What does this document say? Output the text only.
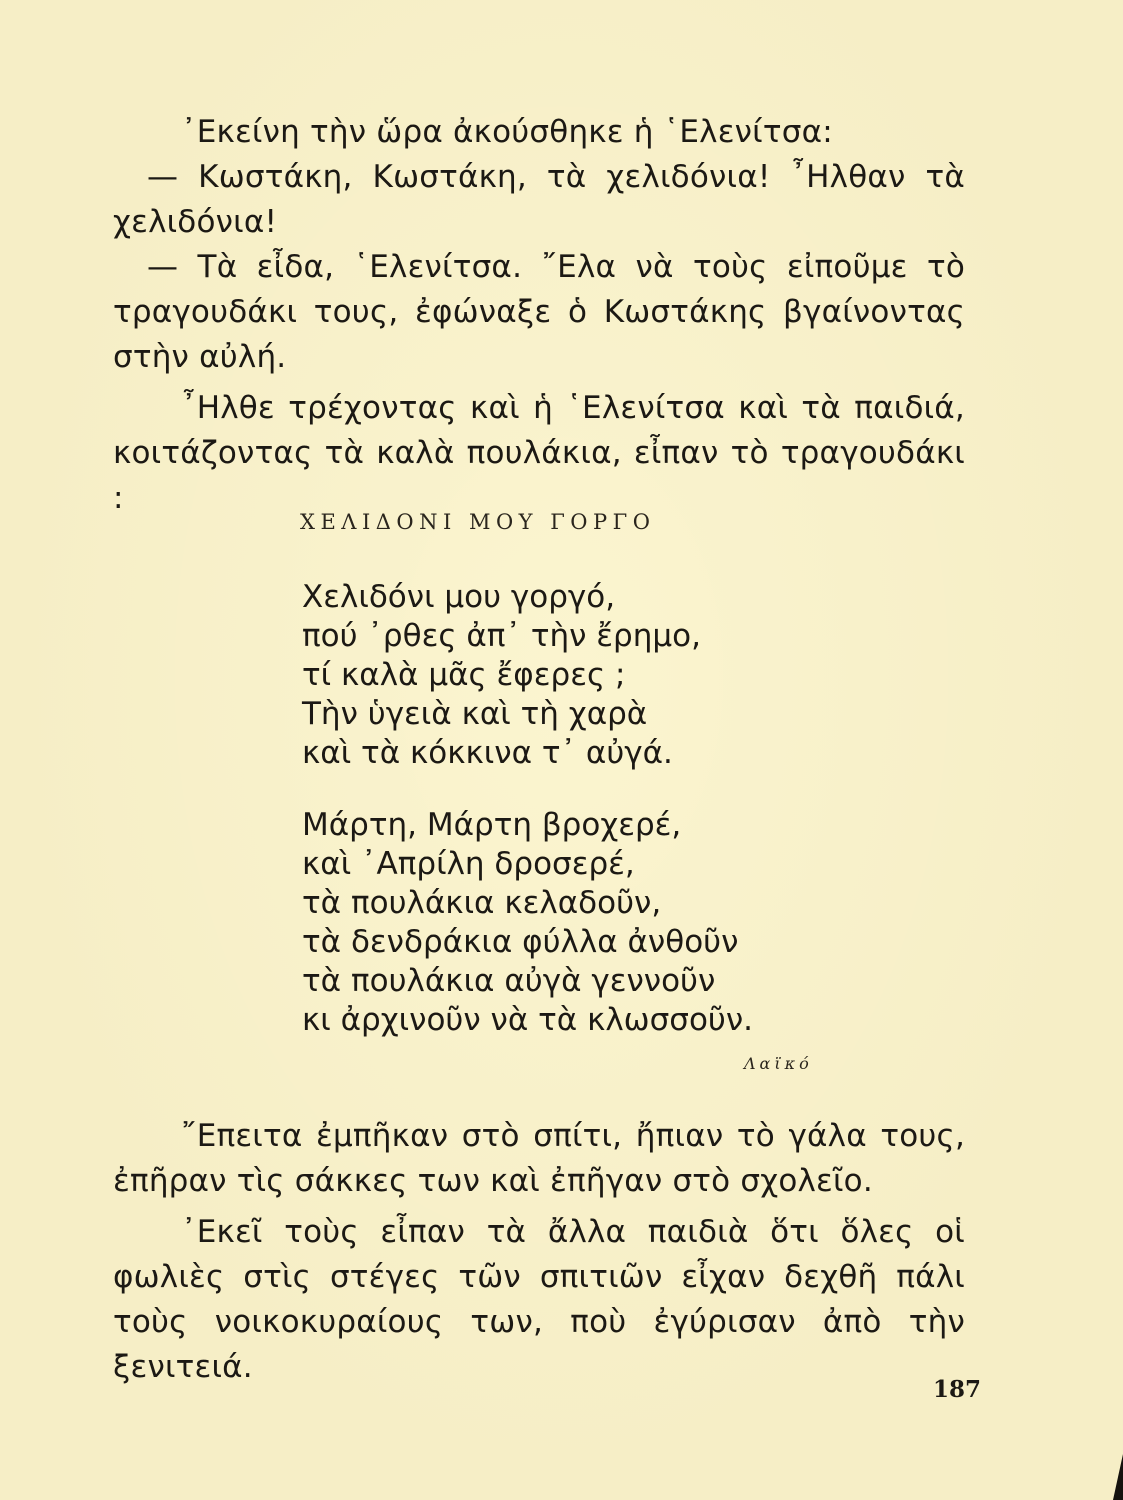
᾿Εκείνη τὴν ὥρα ἀκούσθηκε ἡ ῾Ελενίτσα:

— Κωστάκη, Κωστάκη, τὰ χελιδόνια! ῏Ηλθαν τὰ χελιδόνια!

— Τὰ εἶδα, ῾Ελενίτσα. ῎Ελα νὰ τοὺς εἰποῦμε τὸ τραγουδάκι τους, ἐφώναξε ὁ Κωστάκης βγαίνοντας στὴν αὐλή.

῏Ηλθε τρέχοντας καὶ ἡ ῾Ελενίτσα καὶ τὰ παιδιά, κοιτάζοντας τὰ καλὰ πουλάκια, εἶπαν τὸ τραγουδάκι :

ΧΕΛΙΔΟΝΙ ΜΟΥ ΓΟΡΓΟ
Χελιδόνι μου γοργό,
πού ᾿ρθες ἀπ᾿ τὴν ἔρημο,
τί καλὰ μᾶς ἔφερες ;
Τὴν ὑγειὰ καὶ τὴ χαρὰ
καὶ τὰ κόκκινα τ᾿ αὐγά.
Μάρτη, Μάρτη βροχερέ,
καὶ ᾿Απρίλη δροσερέ,
τὰ πουλάκια κελαδοῦν,
τὰ δενδράκια φύλλα ἀνθοῦν
τὰ πουλάκια αὐγὰ γεννοῦν
κι ἀρχινοῦν νὰ τὰ κλωσσοῦν.
Λαϊκό

῎Επειτα ἐμπῆκαν στὸ σπίτι, ἤπιαν τὸ γάλα τους, ἐπῆραν τὶς σάκκες των καὶ ἐπῆγαν στὸ σχολεῖο.

᾿Εκεῖ τοὺς εἶπαν τὰ ἄλλα παιδιὰ ὅτι ὅλες οἱ φωλιὲς στὶς στέγες τῶν σπιτιῶν εἶχαν δεχθῆ πάλι τοὺς νοικοκυραίους των, ποὺ ἐγύρισαν ἀπὸ τὴν ξενιτειά.

187
